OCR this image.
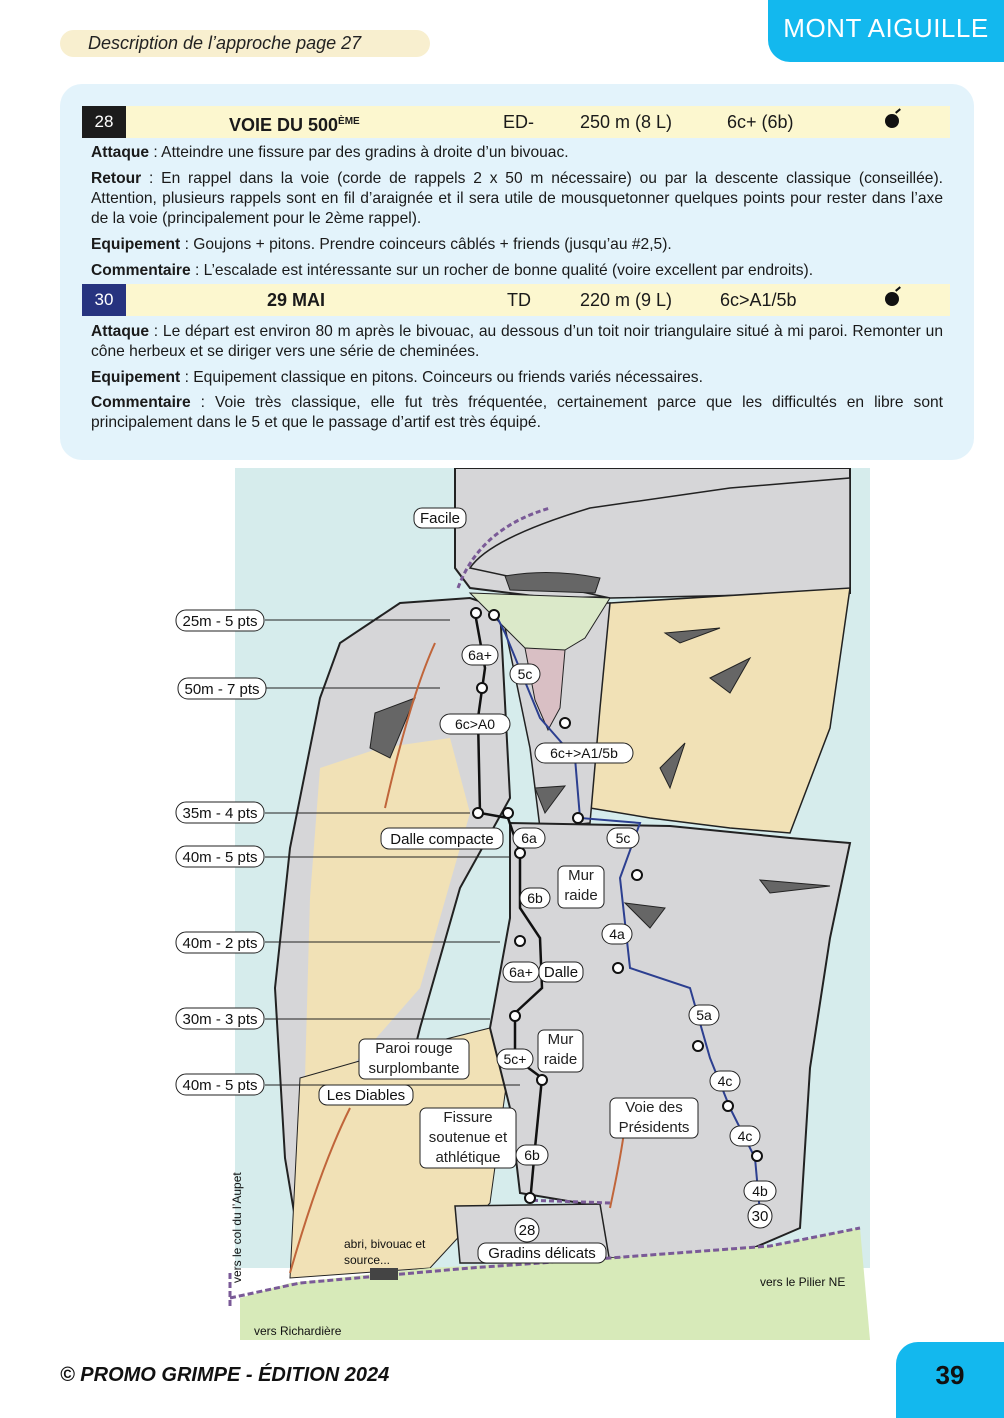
Description de l’approche page 27	MONT AIGUILLE
28	VOIE DU 500ÈME	ED-	250 m (8 L)	6c+ (6b)
Attaque : Atteindre une fissure par des gradins à droite d’un bivouac.
Retour : En rappel dans la voie (corde de rappels 2 x 50 m nécessaire) ou par la descente classique (conseillée). Attention, plusieurs rappels sont en fil d’araignée et il sera utile de mousquetonner quelques points pour rester dans l’axe de la voie (principalement pour le 2ème rappel).
Equipement : Goujons + pitons. Prendre coinceurs câblés + friends (jusqu’au #2,5).
Commentaire : L’escalade est intéressante sur un rocher de bonne qualité (voire excellent par endroits).
30	29 MAI	TD	220 m (9 L)	6c>A1/5b
Attaque : Le départ est environ 80 m après le bivouac, au dessous d’un toit noir triangulaire situé à mi paroi. Remonter un cône herbeux et se diriger vers une série de cheminées.
Equipement : Equipement classique en pitons. Coinceurs ou friends variés nécessaires.
Commentaire : Voie très classique, elle fut très fréquentée, certainement parce que les difficultés en libre sont principalement dans le 5 et que le passage d’artif est très équipé.
25m - 5 pts
50m - 7 pts
35m - 4 pts
40m - 5 pts
40m - 2 pts
30m - 3 pts
40m - 5 pts
6a+
6c>A0
6a
6b
6a+
5c+
6b
5c
6c+>A1/5b
5c
4a
5a
4c
4c
4b
28
30
Facile
Dalle compacte
Mur raide
Dalle
Paroi rouge surplombante
Mur raide
Les Diables
Fissure soutenue et athlétique
Voie des Présidents
Gradins délicats
abri, bivouac et source...
vers le col du l’Aupet	vers le Pilier NE
vers Richardière
© PROMO GRIMPE - ÉDITION 2024	39
